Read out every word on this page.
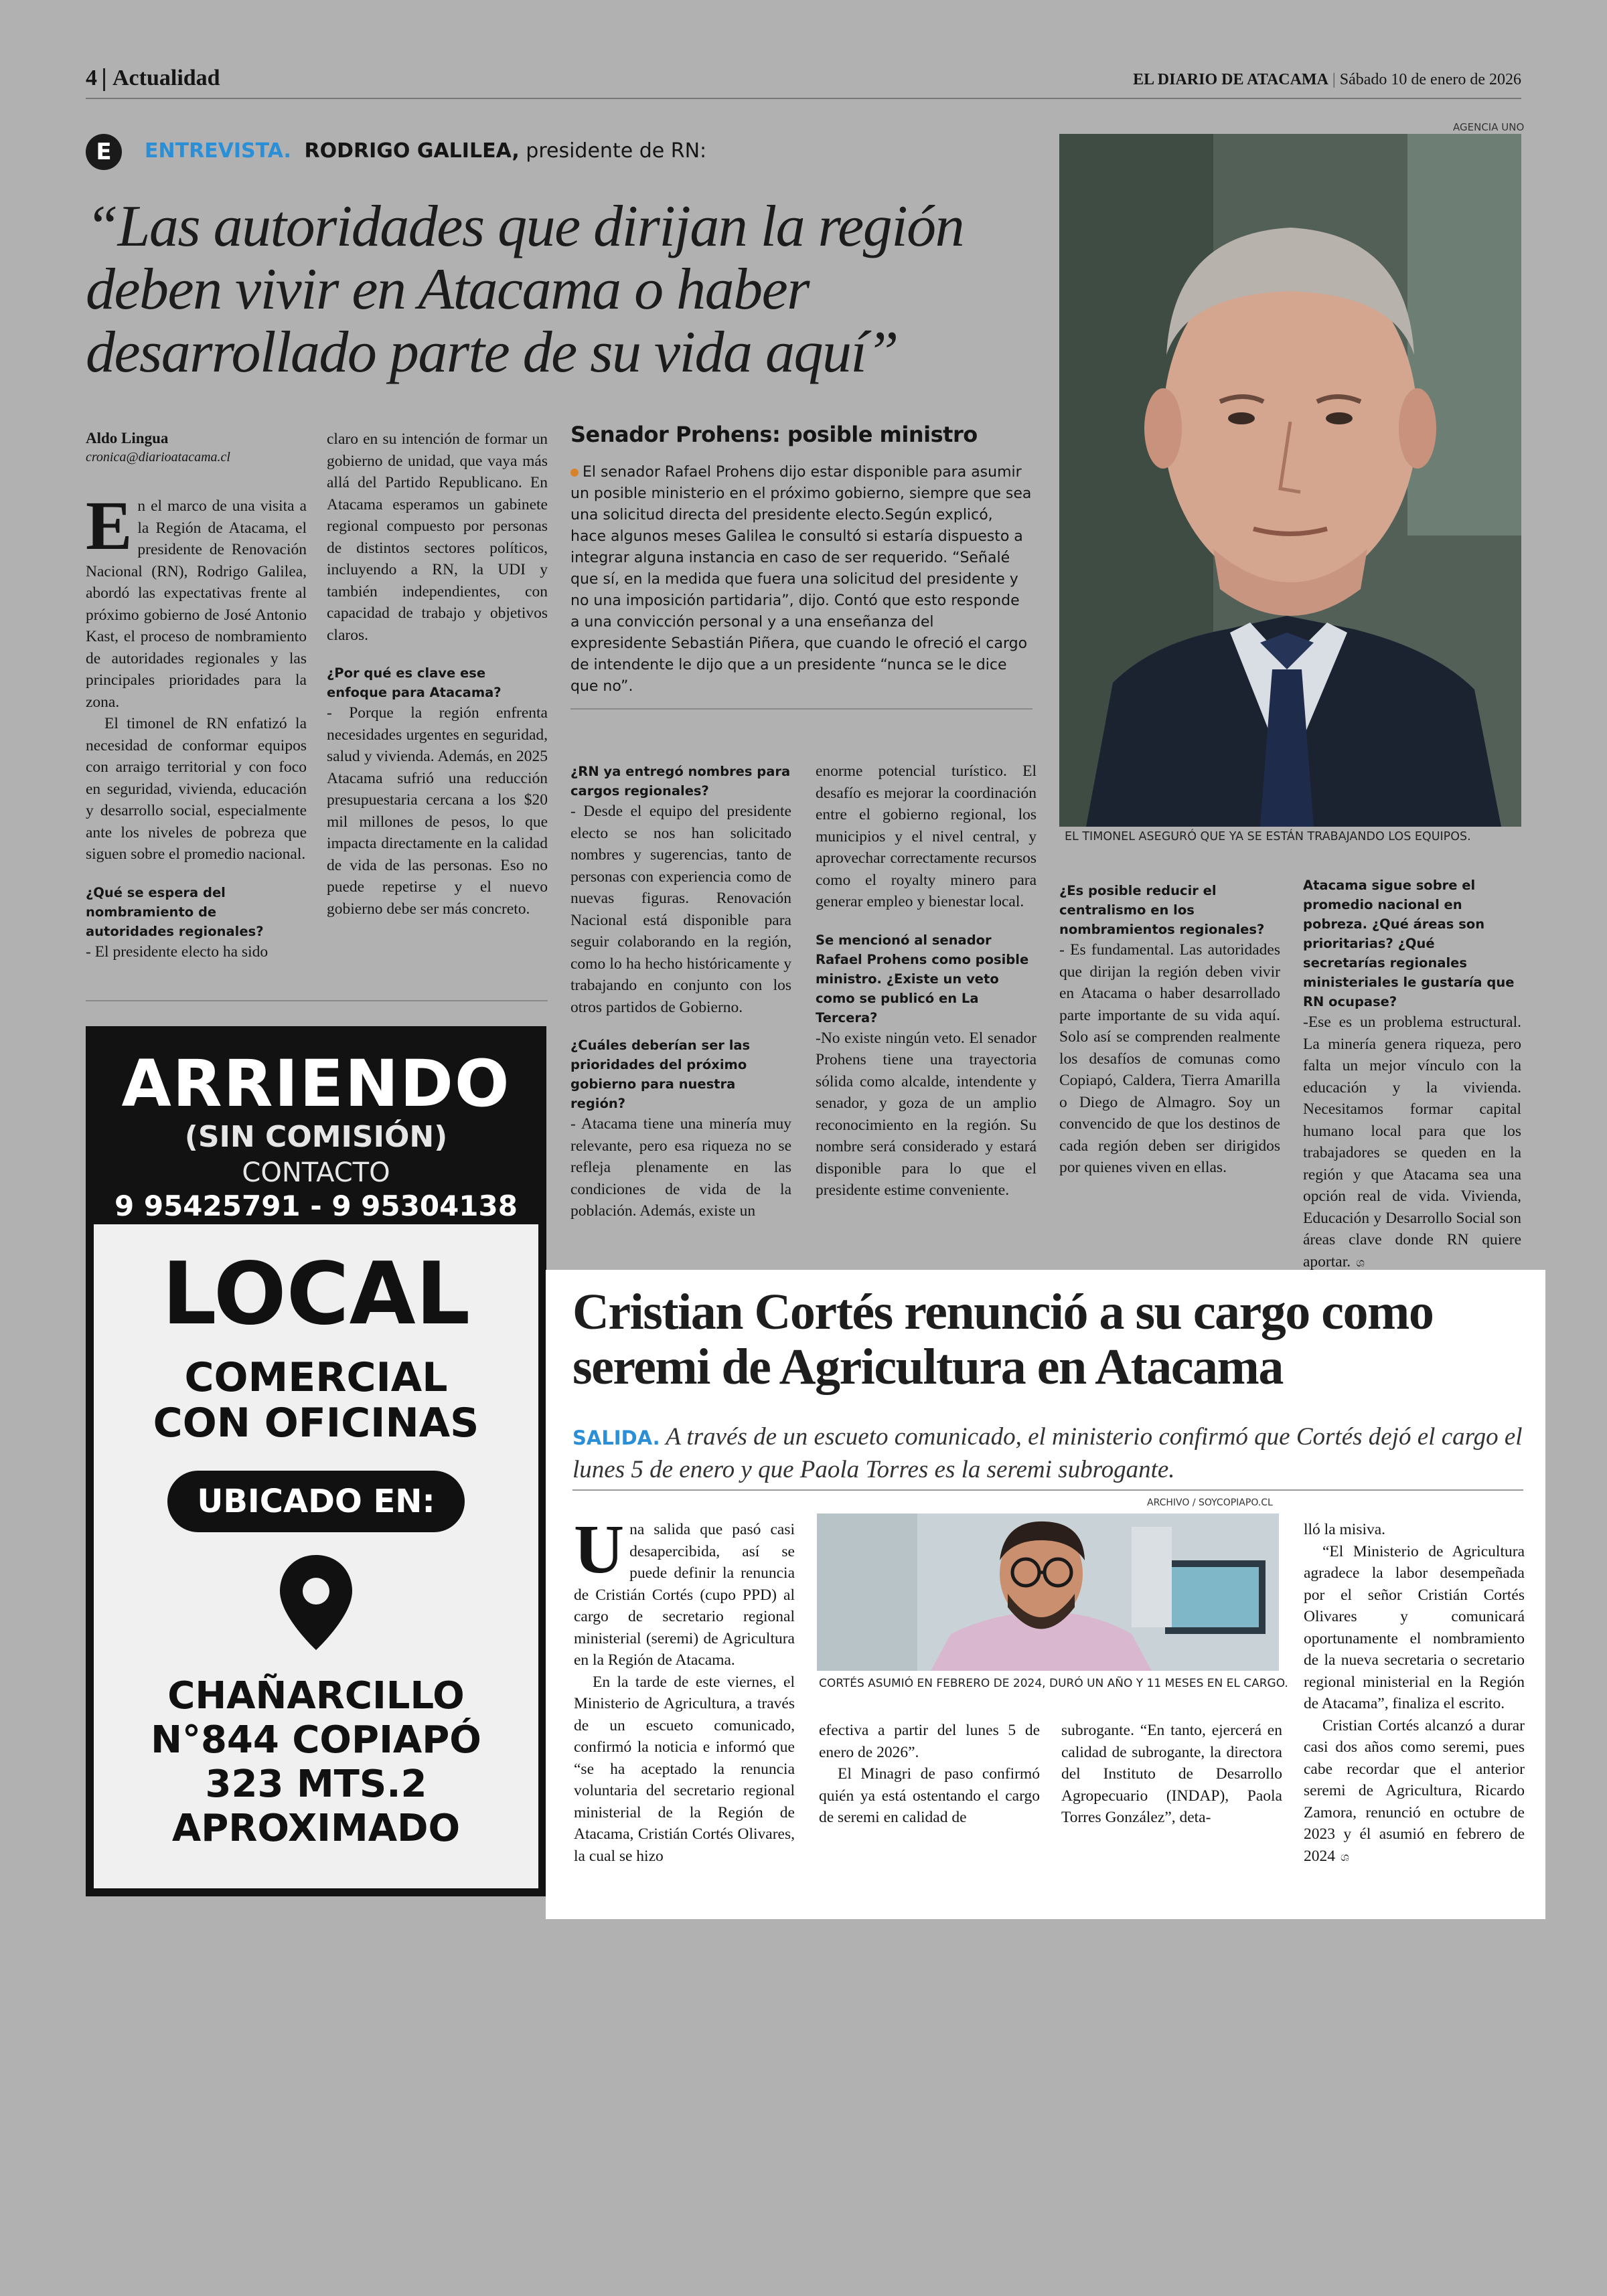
4 Actualidad	EL DIARIO DE ATACAMA | Sábado 10 de enero de 2026
E	ENTREVISTA. RODRIGO GALILEA, presidente de RN:
“Las autoridades que dirijan la región deben vivir en Atacama o haber desarrollado parte de su vida aquí”
AGENCIA UNO
EL TIMONEL ASEGURÓ QUE YA SE ESTÁN TRABAJANDO LOS EQUIPOS.
Aldo Lingua
cronica@diarioatacama.cl

En el marco de una visita a la Región de Atacama, el presidente de Renovación Nacional (RN), Rodrigo Galilea, abordó las expectativas frente al próximo gobierno de José Antonio Kast, el proceso de nombramiento de autoridades regionales y las principales prioridades para la zona.

El timonel de RN enfatizó la necesidad de conformar equipos con arraigo territorial y con foco en seguridad, vivienda, educación y desarrollo social, especialmente ante los niveles de pobreza que siguen sobre el promedio nacional.

¿Qué se espera del nombramiento de autoridades regionales?

- El presidente electo ha sido

claro en su intención de formar un gobierno de unidad, que vaya más allá del Partido Republicano. En Atacama esperamos un gabinete regional compuesto por personas de distintos sectores políticos, incluyendo a RN, la UDI y también independientes, con capacidad de trabajo y objetivos claros.

¿Por qué es clave ese enfoque para Atacama?

- Porque la región enfrenta necesidades urgentes en seguridad, salud y vivienda. Además, en 2025 Atacama sufrió una reducción presupuestaria cercana a los $20 mil millones de pesos, lo que impacta directamente en la calidad de vida de las personas. Eso no puede repetirse y el nuevo gobierno debe ser más concreto.

Senador Prohens: posible ministro
El senador Rafael Prohens dijo estar disponible para asumir un posible ministerio en el próximo gobierno, siempre que sea una solicitud directa del presidente electo.Según explicó, hace algunos meses Galilea le consultó si estaría dispuesto a integrar alguna instancia en caso de ser requerido. “Señalé que sí, en la medida que fuera una solicitud del presidente y no una imposición partidaria”, dijo. Contó que esto responde a una convicción personal y a una enseñanza del expresidente Sebastián Piñera, que cuando le ofreció el cargo de intendente le dijo que a un presidente “nunca se le dice que no”.

¿RN ya entregó nombres para cargos regionales?

- Desde el equipo del presidente electo se nos han solicitado nombres y sugerencias, tanto de personas con experiencia como de nuevas figuras. Renovación Nacional está disponible para seguir colaborando en la región, como lo ha hecho históricamente y trabajando en conjunto con los otros partidos de Gobierno.

¿Cuáles deberían ser las prioridades del próximo gobierno para nuestra región?

- Atacama tiene una minería muy relevante, pero esa riqueza no se refleja plenamente en las condiciones de vida de la población. Además, existe un

enorme potencial turístico. El desafío es mejorar la coordinación entre el gobierno regional, los municipios y el nivel central, y aprovechar correctamente recursos como el royalty minero para generar empleo y bienestar local.

Se mencionó al senador Rafael Prohens como posible ministro. ¿Existe un veto como se publicó en La Tercera?

-No existe ningún veto. El senador Prohens tiene una trayectoria sólida como alcalde, intendente y senador, y goza de un amplio reconocimiento en la región. Su nombre será considerado y estará disponible para lo que el presidente estime conveniente.

¿Es posible reducir el centralismo en los nombramientos regionales?

- Es fundamental. Las autoridades que dirijan la región deben vivir en Atacama o haber desarrollado parte importante de su vida aquí. Solo así se comprenden realmente los desafíos de comunas como Copiapó, Caldera, Tierra Amarilla o Diego de Almagro. Soy un convencido de que los destinos de cada región deben ser dirigidos por quienes viven en ellas.

Atacama sigue sobre el promedio nacional en pobreza. ¿Qué áreas son prioritarias? ¿Qué secretarías regionales ministeriales le gustaría que RN ocupase?

-Ese es un problema estructural. La minería genera riqueza, pero falta un mejor vínculo con la educación y la vivienda. Necesitamos formar capital humano local para que los trabajadores se queden en la región y que Atacama sea una opción real de vida. Vivienda, Educación y Desarrollo Social son áreas clave donde RN quiere aportar. ශ

ARRIENDO
(SIN COMISIÓN)
CONTACTO
9 95425791 - 9 95304138
LOCAL
COMERCIAL
CON OFICINAS
UBICADO EN:
CHAÑARCILLO
N°844 COPIAPÓ
323 MTS.2
APROXIMADO
Cristian Cortés renunció a su cargo como seremi de Agricultura en Atacama
SALIDA. A través de un escueto comunicado, el ministerio confirmó que Cortés dejó el cargo el lunes 5 de enero y que Paola Torres es la seremi subrogante.

Una salida que pasó casi desapercibida, así se puede definir la renuncia de Cristián Cortés (cupo PPD) al cargo de secretario regional ministerial (seremi) de Agricultura en la Región de Atacama.

En la tarde de este viernes, el Ministerio de Agricultura, a través de un escueto comunicado, confirmó la noticia e informó que “se ha aceptado la renuncia voluntaria del secretario regional ministerial de la Región de Atacama, Cristián Cortés Olivares, la cual se hizo

ARCHIVO / SOYCOPIAPO.CL
CORTÉS ASUMIÓ EN FEBRERO DE 2024, DURÓ UN AÑO Y 11 MESES EN EL CARGO.

efectiva a partir del lunes 5 de enero de 2026”.

El Minagri de paso confirmó quién ya está ostentando el cargo de seremi en calidad de

subrogante. “En tanto, ejercerá en calidad de subrogante, la directora del Instituto de Desarrollo Agropecuario (INDAP), Paola Torres González”, deta-

lló la misiva.

“El Ministerio de Agricultura agradece la labor desempeñada por el señor Cristián Cortés Olivares y comunicará oportunamente el nombramiento de la nueva secretaria o secretario regional ministerial en la Región de Atacama”, finaliza el escrito.

Cristian Cortés alcanzó a durar casi dos años como seremi, pues cabe recordar que el anterior seremi de Agricultura, Ricardo Zamora, renunció en octubre de 2023 y él asumió en febrero de 2024 ශ
